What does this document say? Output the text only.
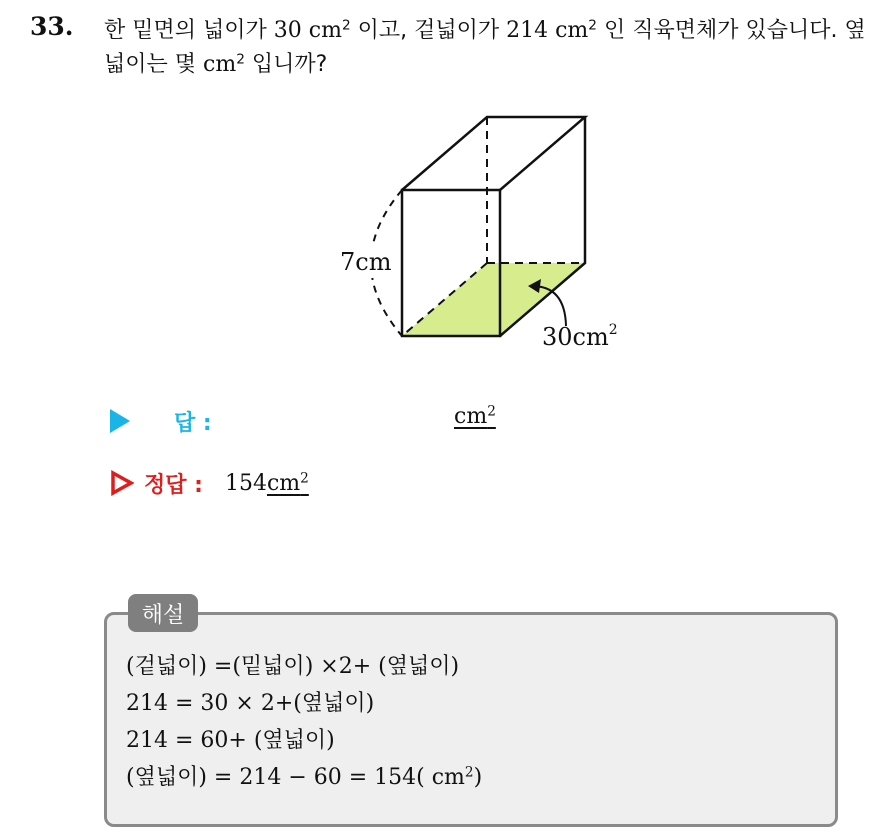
33. 한 밑면의 넓이가 30 $cm^2$ 이고, 겉넓이가 214 $cm^2$ 인 직육면체가 있습니다. 옆넓이는 몇 $cm^2$ 입니까?
7cm
$30cm^2$
답 :	$cm^2$
정답 : $154cm^2$
해설
(겉넓이) =(밑넓이) ×2+ (옆넓이)
214 = 30 × 2+(옆넓이)
214 = 60+ (옆넓이)
(옆넓이) = 214 − 60 = 154( $cm^2$)
